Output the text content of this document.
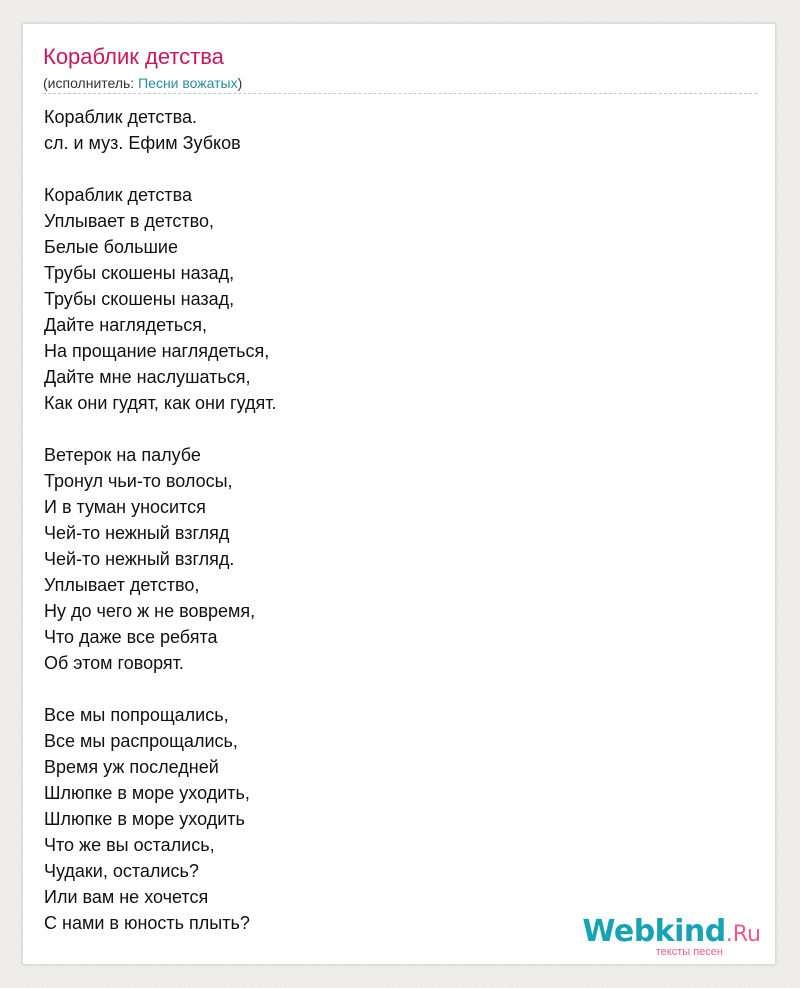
Кораблик детства
(исполнитель: Песни вожатых)
Кораблик детства.
сл. и муз. Ефим Зубков
Кораблик детства
Уплывает в детство,
Белые большие
Трубы скошены назад,
Трубы скошены назад,
Дайте наглядеться,
На прощание наглядеться,
Дайте мне наслушаться,
Как они гудят, как они гудят.
Ветерок на палубе
Тронул чьи-то волосы,
И в туман уносится
Чей-то нежный взгляд
Чей-то нежный взгляд.
Уплывает детство,
Ну до чего ж не вовремя,
Что даже все ребята
Об этом говорят.
Все мы попрощались,
Все мы распрощались,
Время уж последней
Шлюпке в море уходить,
Шлюпке в море уходить
Что же вы остались,
Чудаки, остались?
Или вам не хочется
С нами в юность плыть?	Webkind.Ru
тексты песен
